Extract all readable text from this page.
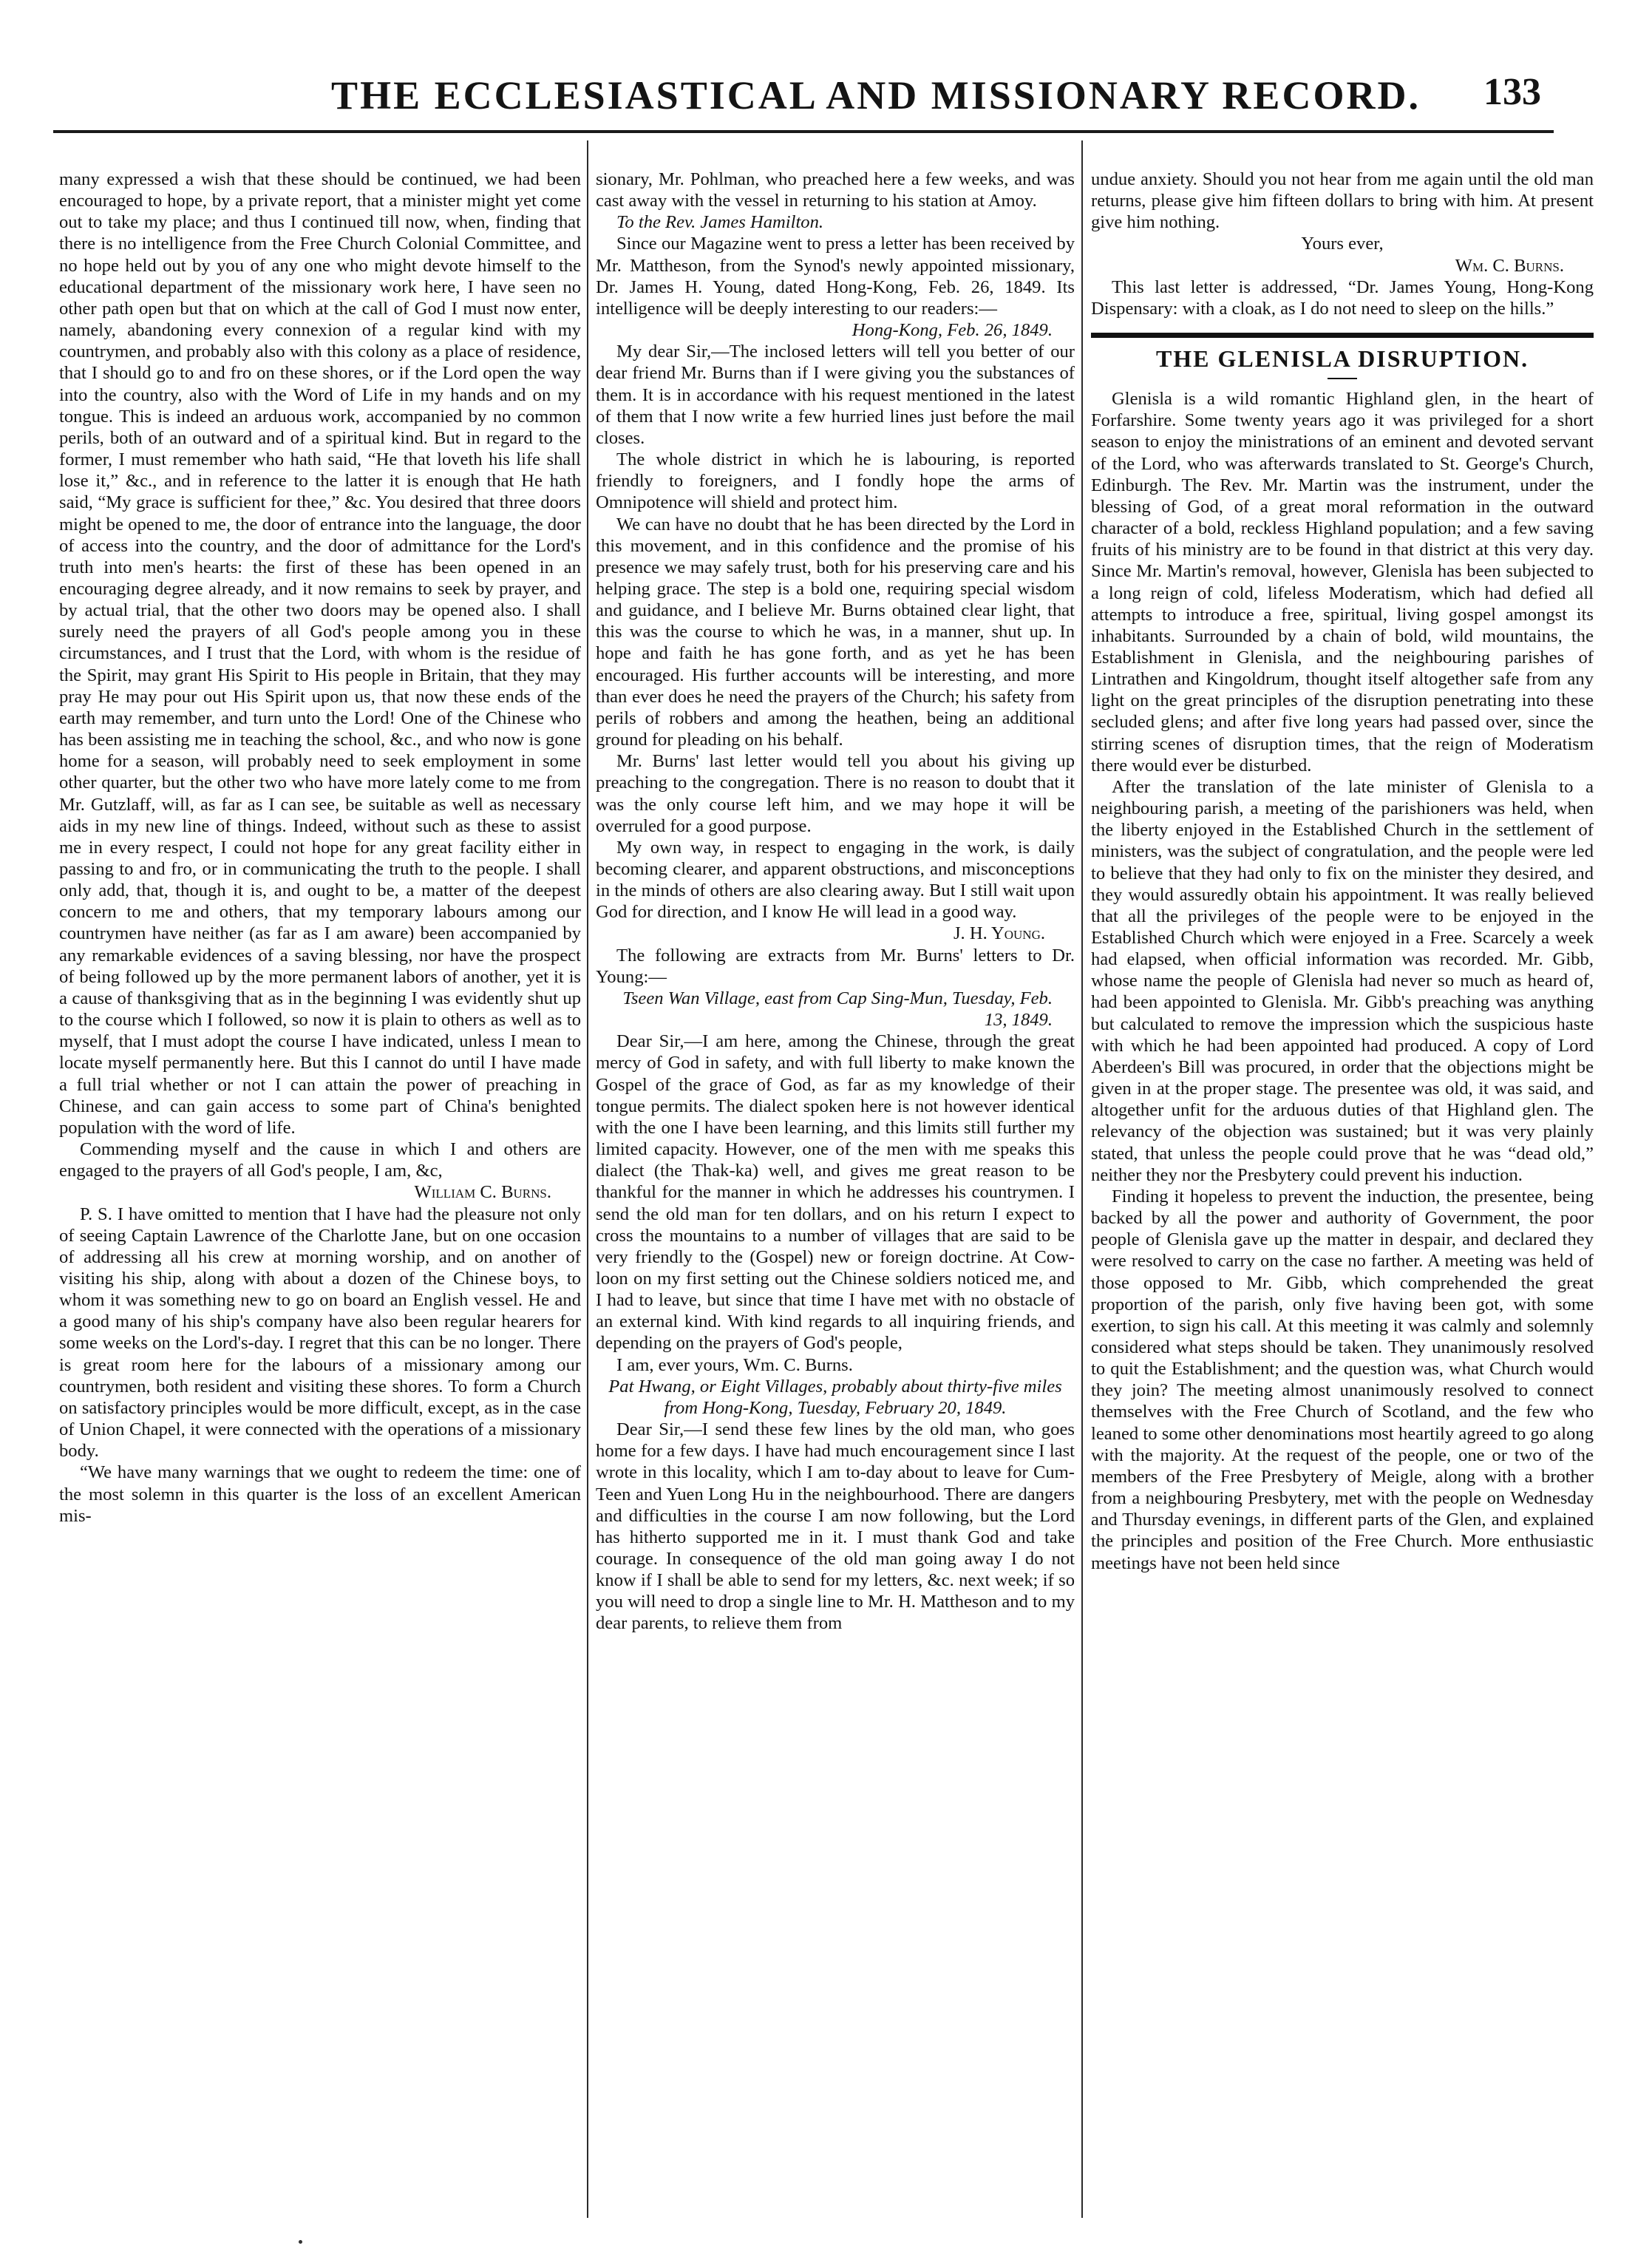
THE ECCLESIASTICAL AND MISSIONARY RECORD.	133

many expressed a wish that these should be continued, we had been encouraged to hope, by a private report, that a minister might yet come out to take my place; and thus I continued till now, when, finding that there is no intelligence from the Free Church Colonial Committee, and no hope held out by you of any one who might devote himself to the educational department of the missionary work here, I have seen no other path open but that on which at the call of God I must now enter, namely, abandoning every connexion of a regular kind with my countrymen, and probably also with this colony as a place of residence, that I should go to and fro on these shores, or if the Lord open the way into the country, also with the Word of Life in my hands and on my tongue. This is indeed an arduous work, accompanied by no common perils, both of an outward and of a spiritual kind. But in regard to the former, I must remember who hath said, “He that loveth his life shall lose it,” &c., and in reference to the latter it is enough that He hath said, “My grace is sufficient for thee,” &c. You desired that three doors might be opened to me, the door of entrance into the language, the door of access into the country, and the door of admittance for the Lord's truth into men's hearts: the first of these has been opened in an encouraging degree already, and it now remains to seek by prayer, and by actual trial, that the other two doors may be opened also. I shall surely need the prayers of all God's people among you in these circumstances, and I trust that the Lord, with whom is the residue of the Spirit, may grant His Spirit to His people in Britain, that they may pray He may pour out His Spirit upon us, that now these ends of the earth may remember, and turn unto the Lord! One of the Chinese who has been assisting me in teaching the school, &c., and who now is gone home for a season, will probably need to seek employment in some other quarter, but the other two who have more lately come to me from Mr. Gutzlaff, will, as far as I can see, be suitable as well as necessary aids in my new line of things. Indeed, without such as these to assist me in every respect, I could not hope for any great facility either in passing to and fro, or in communicating the truth to the people. I shall only add, that, though it is, and ought to be, a matter of the deepest concern to me and others, that my temporary labours among our countrymen have neither (as far as I am aware) been accompanied by any remarkable evidences of a saving blessing, nor have the prospect of being followed up by the more permanent labors of another, yet it is a cause of thanksgiving that as in the beginning I was evidently shut up to the course which I followed, so now it is plain to others as well as to myself, that I must adopt the course I have indicated, unless I mean to locate myself permanently here. But this I cannot do until I have made a full trial whether or not I can attain the power of preaching in Chinese, and can gain access to some part of China's benighted population with the word of life.

Commending myself and the cause in which I and others are engaged to the prayers of all God's people, I am, &c,

William C. Burns.

P. S. I have omitted to mention that I have had the pleasure not only of seeing Captain Lawrence of the Charlotte Jane, but on one occasion of addressing all his crew at morning worship, and on another of visiting his ship, along with about a dozen of the Chinese boys, to whom it was something new to go on board an English vessel. He and a good many of his ship's company have also been regular hearers for some weeks on the Lord's-day. I regret that this can be no longer. There is great room here for the labours of a missionary among our countrymen, both resident and visiting these shores. To form a Church on satisfactory principles would be more difficult, except, as in the case of Union Chapel, it were connected with the operations of a missionary body.

“We have many warnings that we ought to redeem the time: one of the most solemn in this quarter is the loss of an excellent American mis-

sionary, Mr. Pohlman, who preached here a few weeks, and was cast away with the vessel in returning to his station at Amoy.

To the Rev. James Hamilton.

Since our Magazine went to press a letter has been received by Mr. Mattheson, from the Synod's newly appointed missionary, Dr. James H. Young, dated Hong-Kong, Feb. 26, 1849. Its intelligence will be deeply interesting to our readers:—

Hong-Kong, Feb. 26, 1849.

My dear Sir,—The inclosed letters will tell you better of our dear friend Mr. Burns than if I were giving you the substances of them. It is in accordance with his request mentioned in the latest of them that I now write a few hurried lines just before the mail closes.

The whole district in which he is labouring, is reported friendly to foreigners, and I fondly hope the arms of Omnipotence will shield and protect him.

We can have no doubt that he has been directed by the Lord in this movement, and in this confidence and the promise of his presence we may safely trust, both for his preserving care and his helping grace. The step is a bold one, requiring special wisdom and guidance, and I believe Mr. Burns obtained clear light, that this was the course to which he was, in a manner, shut up. In hope and faith he has gone forth, and as yet he has been encouraged. His further accounts will be interesting, and more than ever does he need the prayers of the Church; his safety from perils of robbers and among the heathen, being an additional ground for pleading on his behalf.

Mr. Burns' last letter would tell you about his giving up preaching to the congregation. There is no reason to doubt that it was the only course left him, and we may hope it will be overruled for a good purpose.

My own way, in respect to engaging in the work, is daily becoming clearer, and apparent obstructions, and misconceptions in the minds of others are also clearing away. But I still wait upon God for direction, and I know He will lead in a good way.

J. H. Young.

The following are extracts from Mr. Burns' letters to Dr. Young:—

Tseen Wan Village, east from Cap Sing-Mun, Tuesday, Feb. 13, 1849.

Dear Sir,—I am here, among the Chinese, through the great mercy of God in safety, and with full liberty to make known the Gospel of the grace of God, as far as my knowledge of their tongue permits. The dialect spoken here is not however identical with the one I have been learning, and this limits still further my limited capacity. However, one of the men with me speaks this dialect (the Thak-ka) well, and gives me great reason to be thankful for the manner in which he addresses his countrymen. I send the old man for ten dollars, and on his return I expect to cross the mountains to a number of villages that are said to be very friendly to the (Gospel) new or foreign doctrine. At Cow-loon on my first setting out the Chinese soldiers noticed me, and I had to leave, but since that time I have met with no obstacle of an external kind. With kind regards to all inquiring friends, and depending on the prayers of God's people,

I am, ever yours, Wm. C. Burns.

Pat Hwang, or Eight Villages, probably about thirty-five miles from Hong-Kong, Tuesday, February 20, 1849.

Dear Sir,—I send these few lines by the old man, who goes home for a few days. I have had much encouragement since I last wrote in this locality, which I am to-day about to leave for Cum-Teen and Yuen Long Hu in the neighbourhood. There are dangers and difficulties in the course I am now following, but the Lord has hitherto supported me in it. I must thank God and take courage. In consequence of the old man going away I do not know if I shall be able to send for my letters, &c. next week; if so you will need to drop a single line to Mr. H. Mattheson and to my dear parents, to relieve them from

undue anxiety. Should you not hear from me again until the old man returns, please give him fifteen dollars to bring with him. At present give him nothing.

Yours ever,

Wm. C. Burns.

This last letter is addressed, “Dr. James Young, Hong-Kong Dispensary: with a cloak, as I do not need to sleep on the hills.”

THE GLENISLA DISRUPTION.

Glenisla is a wild romantic Highland glen, in the heart of Forfarshire. Some twenty years ago it was privileged for a short season to enjoy the ministrations of an eminent and devoted servant of the Lord, who was afterwards translated to St. George's Church, Edinburgh. The Rev. Mr. Martin was the instrument, under the blessing of God, of a great moral reformation in the outward character of a bold, reckless Highland population; and a few saving fruits of his ministry are to be found in that district at this very day. Since Mr. Martin's removal, however, Glenisla has been subjected to a long reign of cold, lifeless Moderatism, which had defied all attempts to introduce a free, spiritual, living gospel amongst its inhabitants. Surrounded by a chain of bold, wild mountains, the Establishment in Glenisla, and the neighbouring parishes of Lintrathen and Kingoldrum, thought itself altogether safe from any light on the great principles of the disruption penetrating into these secluded glens; and after five long years had passed over, since the stirring scenes of disruption times, that the reign of Moderatism there would ever be disturbed.

After the translation of the late minister of Glenisla to a neighbouring parish, a meeting of the parishioners was held, when the liberty enjoyed in the Established Church in the settlement of ministers, was the subject of congratulation, and the people were led to believe that they had only to fix on the minister they desired, and they would assuredly obtain his appointment. It was really believed that all the privileges of the people were to be enjoyed in the Established Church which were enjoyed in a Free. Scarcely a week had elapsed, when official information was recorded. Mr. Gibb, whose name the people of Glenisla had never so much as heard of, had been appointed to Glenisla. Mr. Gibb's preaching was anything but calculated to remove the impression which the suspicious haste with which he had been appointed had produced. A copy of Lord Aberdeen's Bill was procured, in order that the objections might be given in at the proper stage. The presentee was old, it was said, and altogether unfit for the arduous duties of that Highland glen. The relevancy of the objection was sustained; but it was very plainly stated, that unless the people could prove that he was “dead old,” neither they nor the Presbytery could prevent his induction.

Finding it hopeless to prevent the induction, the presentee, being backed by all the power and authority of Government, the poor people of Glenisla gave up the matter in despair, and declared they were resolved to carry on the case no farther. A meeting was held of those opposed to Mr. Gibb, which comprehended the great proportion of the parish, only five having been got, with some exertion, to sign his call. At this meeting it was calmly and solemnly considered what steps should be taken. They unanimously resolved to quit the Establishment; and the question was, what Church would they join? The meeting almost unanimously resolved to connect themselves with the Free Church of Scotland, and the few who leaned to some other denominations most heartily agreed to go along with the majority. At the request of the people, one or two of the members of the Free Presbytery of Meigle, along with a brother from a neighbouring Presbytery, met with the people on Wednesday and Thursday evenings, in different parts of the Glen, and explained the principles and position of the Free Church. More enthusiastic meetings have not been held since
